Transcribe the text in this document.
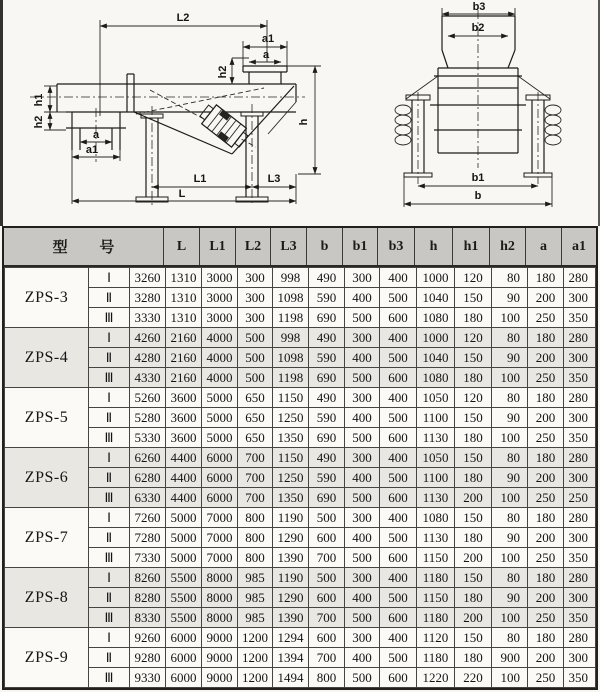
L2
a1
a
h2
a
a1
h1
h2	h
L1	L3
L
b3
b2
b1
b
型 号	L	L1	L2	L3	b	b1	b3	h	h1	h2	a	a1
ZPS-3	Ⅰ	3260	1310	3000	300	998	490	300	400	1000	120	80	180	280
	Ⅱ	3280	1310	3000	300	1098	590	400	500	1040	150	90	200	300
	Ⅲ	3330	1310	3000	300	1198	690	500	600	1080	180	100	250	350
ZPS-4	Ⅰ	4260	2160	4000	500	998	490	300	400	1000	120	80	180	280
	Ⅱ	4280	2160	4000	500	1098	590	400	500	1040	150	90	200	300
	Ⅲ	4330	2160	4000	500	1198	690	500	600	1080	180	100	250	350
ZPS-5	Ⅰ	5260	3600	5000	650	1150	490	300	400	1050	120	80	180	280
	Ⅱ	5280	3600	5000	650	1250	590	400	500	1100	150	90	200	300
	Ⅲ	5330	3600	5000	650	1350	690	500	600	1130	180	100	250	350
ZPS-6	Ⅰ	6260	4400	6000	700	1150	490	300	400	1050	150	80	180	280
	Ⅱ	6280	4400	6000	700	1250	590	400	500	1100	180	90	200	300
	Ⅲ	6330	4400	6000	700	1350	690	500	600	1130	200	100	250	250
ZPS-7	Ⅰ	7260	5000	7000	800	1190	500	300	400	1080	150	80	180	280
	Ⅱ	7280	5000	7000	800	1290	600	400	500	1130	180	90	200	300
	Ⅲ	7330	5000	7000	800	1390	700	500	600	1150	200	100	250	350
ZPS-8	Ⅰ	8260	5500	8000	985	1190	500	300	400	1180	150	80	180	280
	Ⅱ	8280	5500	8000	985	1290	600	400	500	1150	180	90	200	300
	Ⅲ	8330	5500	8000	985	1390	700	500	600	1180	200	100	250	350
ZPS-9	Ⅰ	9260	6000	9000	1200	1294	600	300	400	1120	150	80	180	280
	Ⅱ	9280	6000	9000	1200	1394	700	400	500	1180	180	900	200	300
	Ⅲ	9330	6000	9000	1200	1494	800	500	600	1220	220	100	250	350
